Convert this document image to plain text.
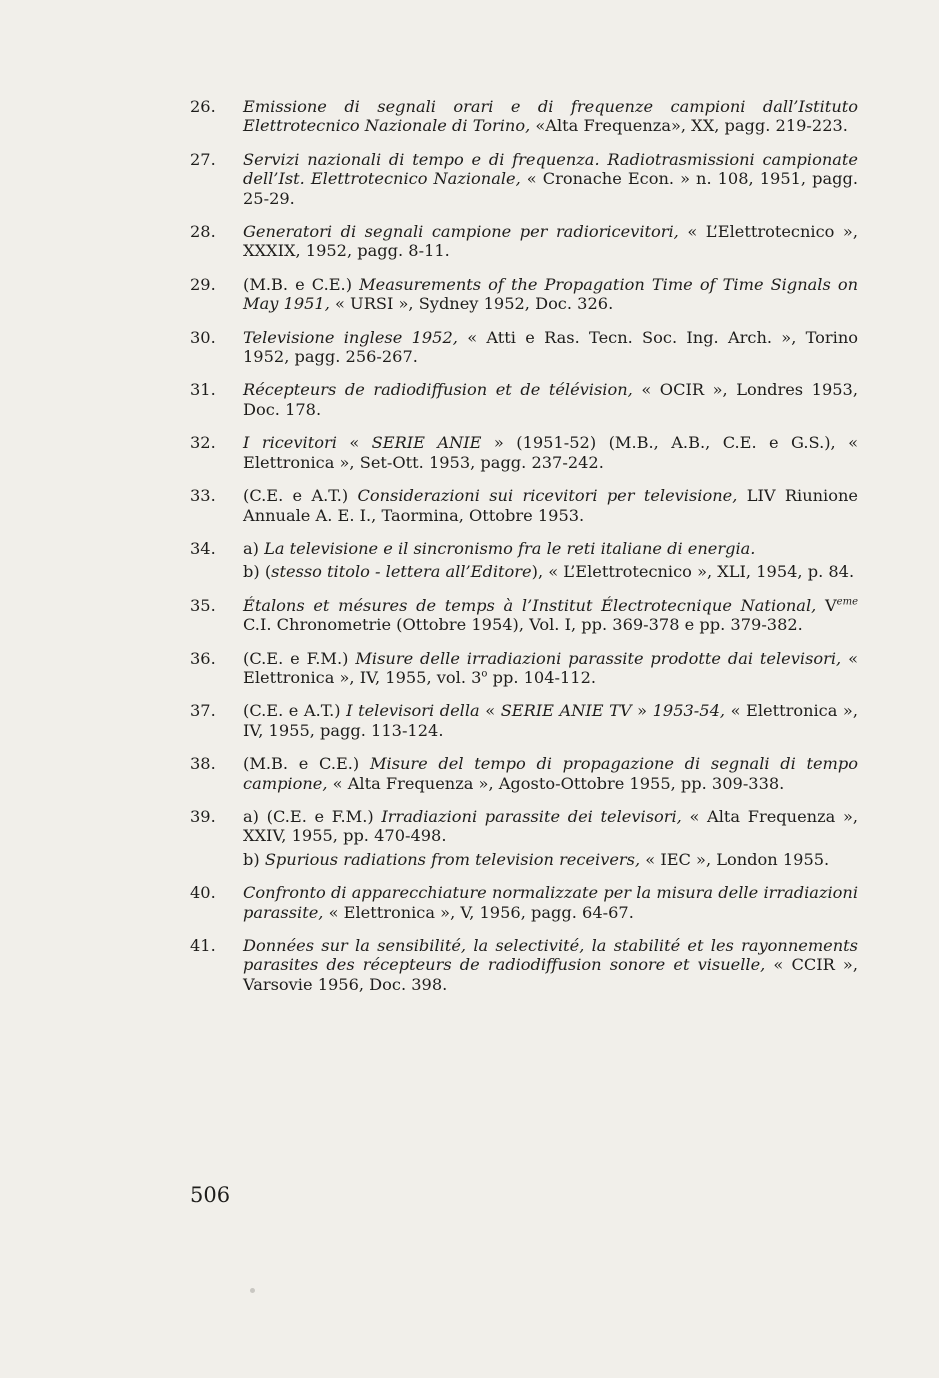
26.	Emissione di segnali orari e di frequenze campioni dall’Istituto Elettrotecnico Nazionale di Torino, «Alta Frequenza», XX, pagg. 219-223.
27.	Servizi nazionali di tempo e di frequenza. Radiotrasmissioni campionate dell’Ist. Elettrotecnico Nazionale, « Cronache Econ. » n. 108, 1951, pagg. 25-29.
28.	Generatori di segnali campione per radioricevitori, « L’Elettrotecnico », XXXIX, 1952, pagg. 8-11.
29.	(M.B. e C.E.) Measurements of the Propagation Time of Time Signals on May 1951, « URSI », Sydney 1952, Doc. 326.
30.	Televisione inglese 1952, « Atti e Ras. Tecn. Soc. Ing. Arch. », Torino 1952, pagg. 256-267.
31.	Récepteurs de radiodiffusion et de télévision, « OCIR », Londres 1953, Doc. 178.
32.	I ricevitori « SERIE ANIE » (1951-52) (M.B., A.B., C.E. e G.S.), « Elettronica », Set-Ott. 1953, pagg. 237-242.
33.	(C.E. e A.T.) Considerazioni sui ricevitori per televisione, LIV Riunione Annuale A. E. I., Taormina, Ottobre 1953.
34.	a) La televisione e il sincronismo fra le reti italiane di energia.
b) (stesso titolo - lettera all’Editore), « L’Elettrotecnico », XLI, 1954, p. 84.
35.	Étalons et mésures de temps à l’Institut Électrotecnique National, Veme C.I. Chronometrie (Ottobre 1954), Vol. I, pp. 369-378 e pp. 379-382.
36.	(C.E. e F.M.) Misure delle irradiazioni parassite prodotte dai televisori, « Elettronica », IV, 1955, vol. 3$^o$ pp. 104-112.
37.	(C.E. e A.T.) I televisori della « SERIE ANIE TV » 1953-54, « Elettronica », IV, 1955, pagg. 113-124.
38.	(M.B. e C.E.) Misure del tempo di propagazione di segnali di tempo campione, « Alta Frequenza », Agosto-Ottobre 1955, pp. 309-338.
39.	a) (C.E. e F.M.) Irradiazioni parassite dei televisori, « Alta Frequenza », XXIV, 1955, pp. 470-498.
b) Spurious radiations from television receivers, « IEC », London 1955.
40.	Confronto di apparecchiature normalizzate per la misura delle irradiazioni parassite, « Elettronica », V, 1956, pagg. 64-67.
41.	Données sur la sensibilité, la selectivité, la stabilité et les rayonnements parasites des récepteurs de radiodiffusion sonore et visuelle, « CCIR », Varsovie 1956, Doc. 398.
506
